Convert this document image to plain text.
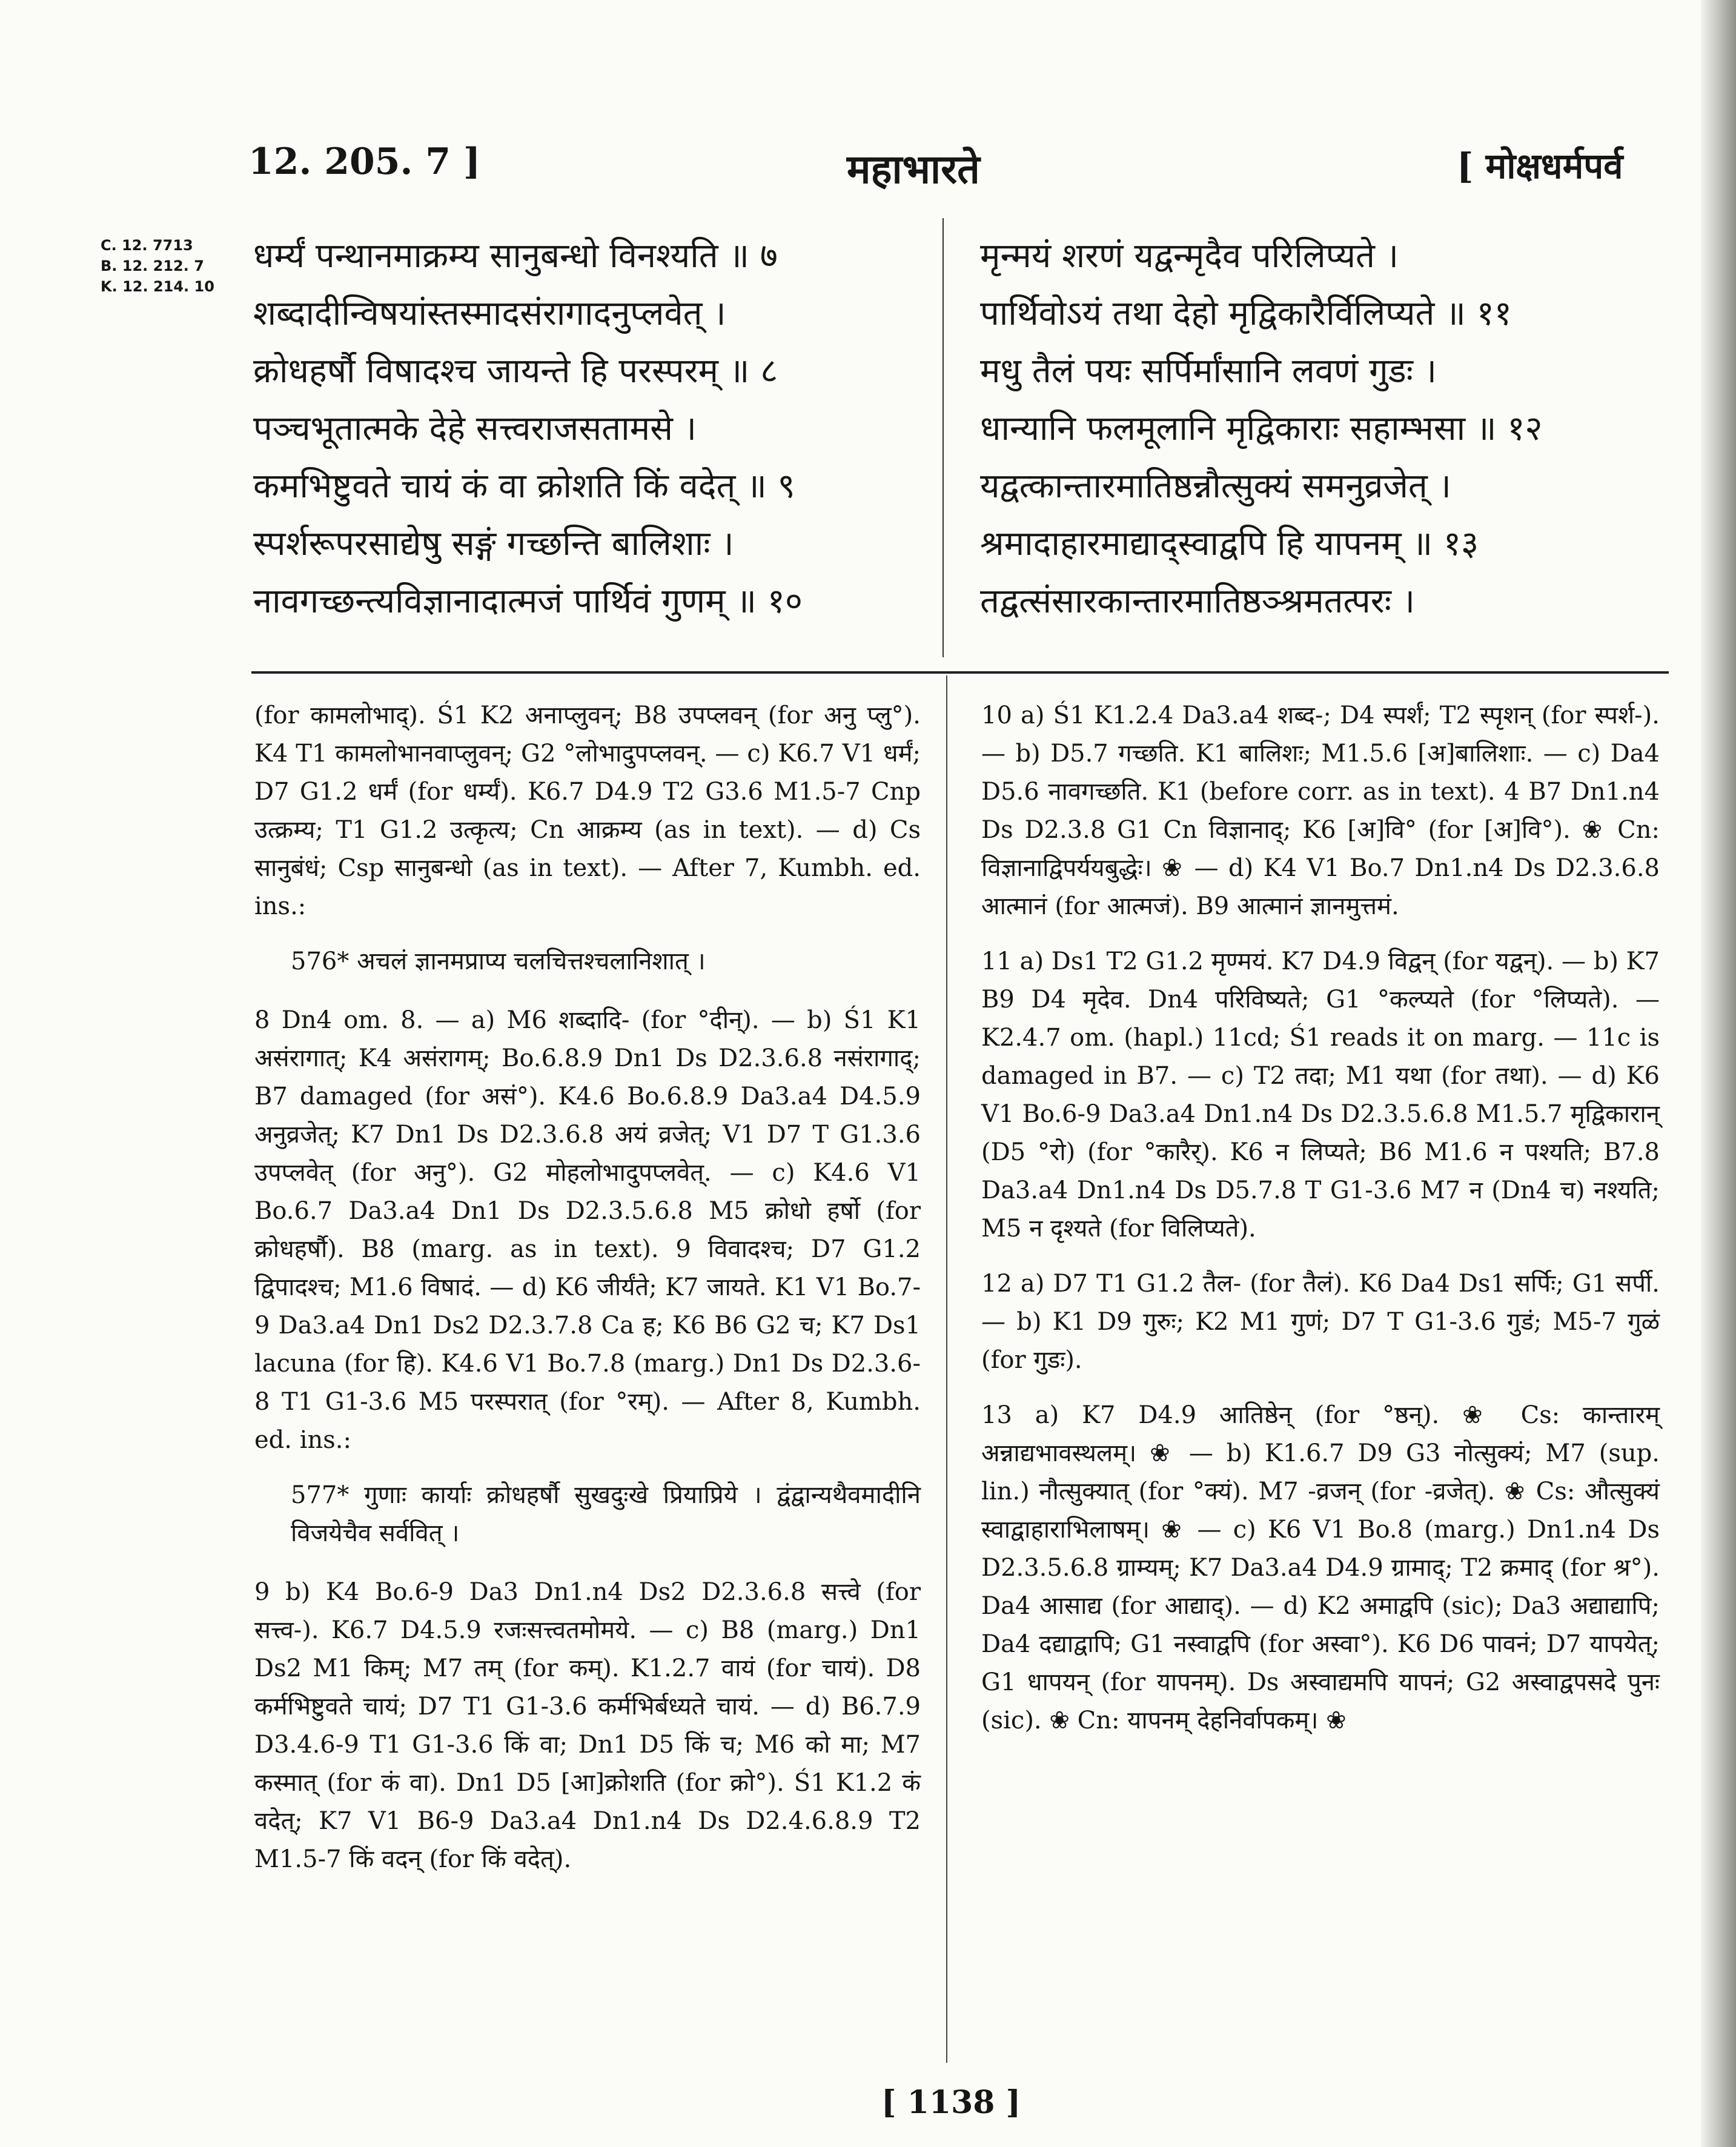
12. 205. 7 ]	महाभारते	[ मोक्षधर्मपर्व
C. 12. 7713
B. 12. 212. 7
K. 12. 214. 10
धर्म्यं पन्थानमाक्रम्य सानुबन्धो विनश्यति ॥ ७
शब्दादीन्विषयांस्तस्मादसंरागादनुप्लवेत् ।
क्रोधहर्षौ विषादश्च जायन्ते हि परस्परम् ॥ ८
पञ्चभूतात्मके देहे सत्त्वराजसतामसे ।
कमभिष्टुवते चायं कं वा क्रोशति किं वदेत् ॥ ९
स्पर्शरूपरसाद्येषु सङ्गं गच्छन्ति बालिशाः ।
नावगच्छन्त्यविज्ञानादात्मजं पार्थिवं गुणम् ॥ १०
मृन्मयं शरणं यद्वन्मृदैव परिलिप्यते ।
पार्थिवोऽयं तथा देहो मृद्विकारैर्विलिप्यते ॥ ११
मधु तैलं पयः सर्पिर्मांसानि लवणं गुडः ।
धान्यानि फलमूलानि मृद्विकाराः सहाम्भसा ॥ १२
यद्वत्कान्तारमातिष्ठन्नौत्सुक्यं समनुव्रजेत् ।
श्रमादाहारमाद्याद्स्वाद्वपि हि यापनम् ॥ १३
तद्वत्संसारकान्तारमातिष्ठञ्श्रमतत्परः ।

(for कामलोभाद्). Ś1 K2 अनाप्लुवन्; B8 उपप्लवन् (for अनु प्लु°). K4 T1 कामलोभानवाप्लुवन्; G2 °लोभादुपप्लवन्. — c) K6.7 V1 धर्मं; D7 G1.2 धर्मं (for धर्म्यं). K6.7 D4.9 T2 G3.6 M1.5-7 Cnp उत्क्रम्य; T1 G1.2 उत्कृत्य; Cn आक्रम्य (as in text). — d) Cs सानुबंधं; Csp सानुबन्धो (as in text). — After 7, Kumbh. ed. ins.:

576* अचलं ज्ञानमप्राप्य चलचित्तश्चलानिशात् ।

8 Dn4 om. 8. — a) M6 शब्दादि- (for °दीन्). — b) Ś1 K1 असंरागात्; K4 असंरागम्; Bo.6.8.9 Dn1 Ds D2.3.6.8 नसंरागाद्; B7 damaged (for असं°). K4.6 Bo.6.8.9 Da3.a4 D4.5.9 अनुव्रजेत्; K7 Dn1 Ds D2.3.6.8 अयं व्रजेत्; V1 D7 T G1.3.6 उपप्लवेत् (for अनु°). G2 मोहलोभादुपप्लवेत्. — c) K4.6 V1 Bo.6.7 Da3.a4 Dn1 Ds D2.3.5.6.8 M5 क्रोधो हर्षो (for क्रोधहर्षौ). B8 (marg. as in text). 9 विवादश्च; D7 G1.2 द्विपादश्च; M1.6 विषादं. — d) K6 जीर्यंते; K7 जायते. K1 V1 Bo.7-9 Da3.a4 Dn1 Ds2 D2.3.7.8 Ca ह; K6 B6 G2 च; K7 Ds1 lacuna (for हि). K4.6 V1 Bo.7.8 (marg.) Dn1 Ds D2.3.6-8 T1 G1-3.6 M5 परस्परात् (for °रम्). — After 8, Kumbh. ed. ins.:

577* गुणाः कार्याः क्रोधहर्षौ सुखदुःखे प्रियाप्रिये । द्वंद्वान्यथैवमादीनि विजयेचैव सर्ववित् ।

9 b) K4 Bo.6-9 Da3 Dn1.n4 Ds2 D2.3.6.8 सत्त्वे (for सत्त्व-). K6.7 D4.5.9 रजःसत्त्वतमोमये. — c) B8 (marg.) Dn1 Ds2 M1 किम्; M7 तम् (for कम्). K1.2.7 वायं (for चायं). D8 कर्मभिष्टुवते चायं; D7 T1 G1-3.6 कर्मभिर्बध्यते चायं. — d) B6.7.9 D3.4.6-9 T1 G1-3.6 किं वा; Dn1 D5 किं च; M6 को मा; M7 कस्मात् (for कं वा). Dn1 D5 [आ]क्रोशति (for क्रो°). Ś1 K1.2 कं वदेत्; K7 V1 B6-9 Da3.a4 Dn1.n4 Ds D2.4.6.8.9 T2 M1.5-7 किं वदन् (for किं वदेत्).

10 a) Ś1 K1.2.4 Da3.a4 शब्द-; D4 स्पर्शं; T2 स्पृशन् (for स्पर्श-). — b) D5.7 गच्छति. K1 बालिशः; M1.5.6 [अ]बालिशाः. — c) Da4 D5.6 नावगच्छति. K1 (before corr. as in text). 4 B7 Dn1.n4 Ds D2.3.8 G1 Cn विज्ञानाद्; K6 [अ]वि° (for [अ]वि°). ❀ Cn: विज्ञानाद्विपर्ययबुद्धेः। ❀ — d) K4 V1 Bo.7 Dn1.n4 Ds D2.3.6.8 आत्मानं (for आत्मजं). B9 आत्मानं ज्ञानमुत्तमं.

11 a) Ds1 T2 G1.2 मृण्मयं. K7 D4.9 विद्वन् (for यद्वन्). — b) K7 B9 D4 मृदेव. Dn4 परिविष्यते; G1 °कल्प्यते (for °लिप्यते). — K2.4.7 om. (hapl.) 11cd; Ś1 reads it on marg. — 11c is damaged in B7. — c) T2 तदा; M1 यथा (for तथा). — d) K6 V1 Bo.6-9 Da3.a4 Dn1.n4 Ds D2.3.5.6.8 M1.5.7 मृद्विकारान् (D5 °रो) (for °कारैर्). K6 न लिप्यते; B6 M1.6 न पश्यति; B7.8 Da3.a4 Dn1.n4 Ds D5.7.8 T G1-3.6 M7 न (Dn4 च) नश्यति; M5 न दृश्यते (for विलिप्यते).

12 a) D7 T1 G1.2 तैल- (for तैलं). K6 Da4 Ds1 सर्पिः; G1 सर्पी. — b) K1 D9 गुरुः; K2 M1 गुणं; D7 T G1-3.6 गुडं; M5-7 गुळं (for गुडः).

13 a) K7 D4.9 आतिष्ठेन् (for °ष्ठन्). ❀ Cs: कान्तारम् अन्नाद्यभावस्थलम्। ❀ — b) K1.6.7 D9 G3 नोत्सुक्यं; M7 (sup. lin.) नौत्सुक्यात् (for °क्यं). M7 -व्रजन् (for -व्रजेत्). ❀ Cs: औत्सुक्यं स्वाद्वाहाराभिलाषम्। ❀ — c) K6 V1 Bo.8 (marg.) Dn1.n4 Ds D2.3.5.6.8 ग्राम्यम्; K7 Da3.a4 D4.9 ग्रामाद्; T2 क्रमाद् (for श्र°). Da4 आसाद्य (for आद्याद्). — d) K2 अमाद्वपि (sic); Da3 अद्याद्यापि; Da4 दद्याद्वापि; G1 नस्वाद्वपि (for अस्वा°). K6 D6 पावनं; D7 यापयेत्; G1 धापयन् (for यापनम्). Ds अस्वाद्यमपि यापनं; G2 अस्वाद्वपसदे पुनः (sic). ❀ Cn: यापनम् देहनिर्वापकम्। ❀

[ 1138 ]
